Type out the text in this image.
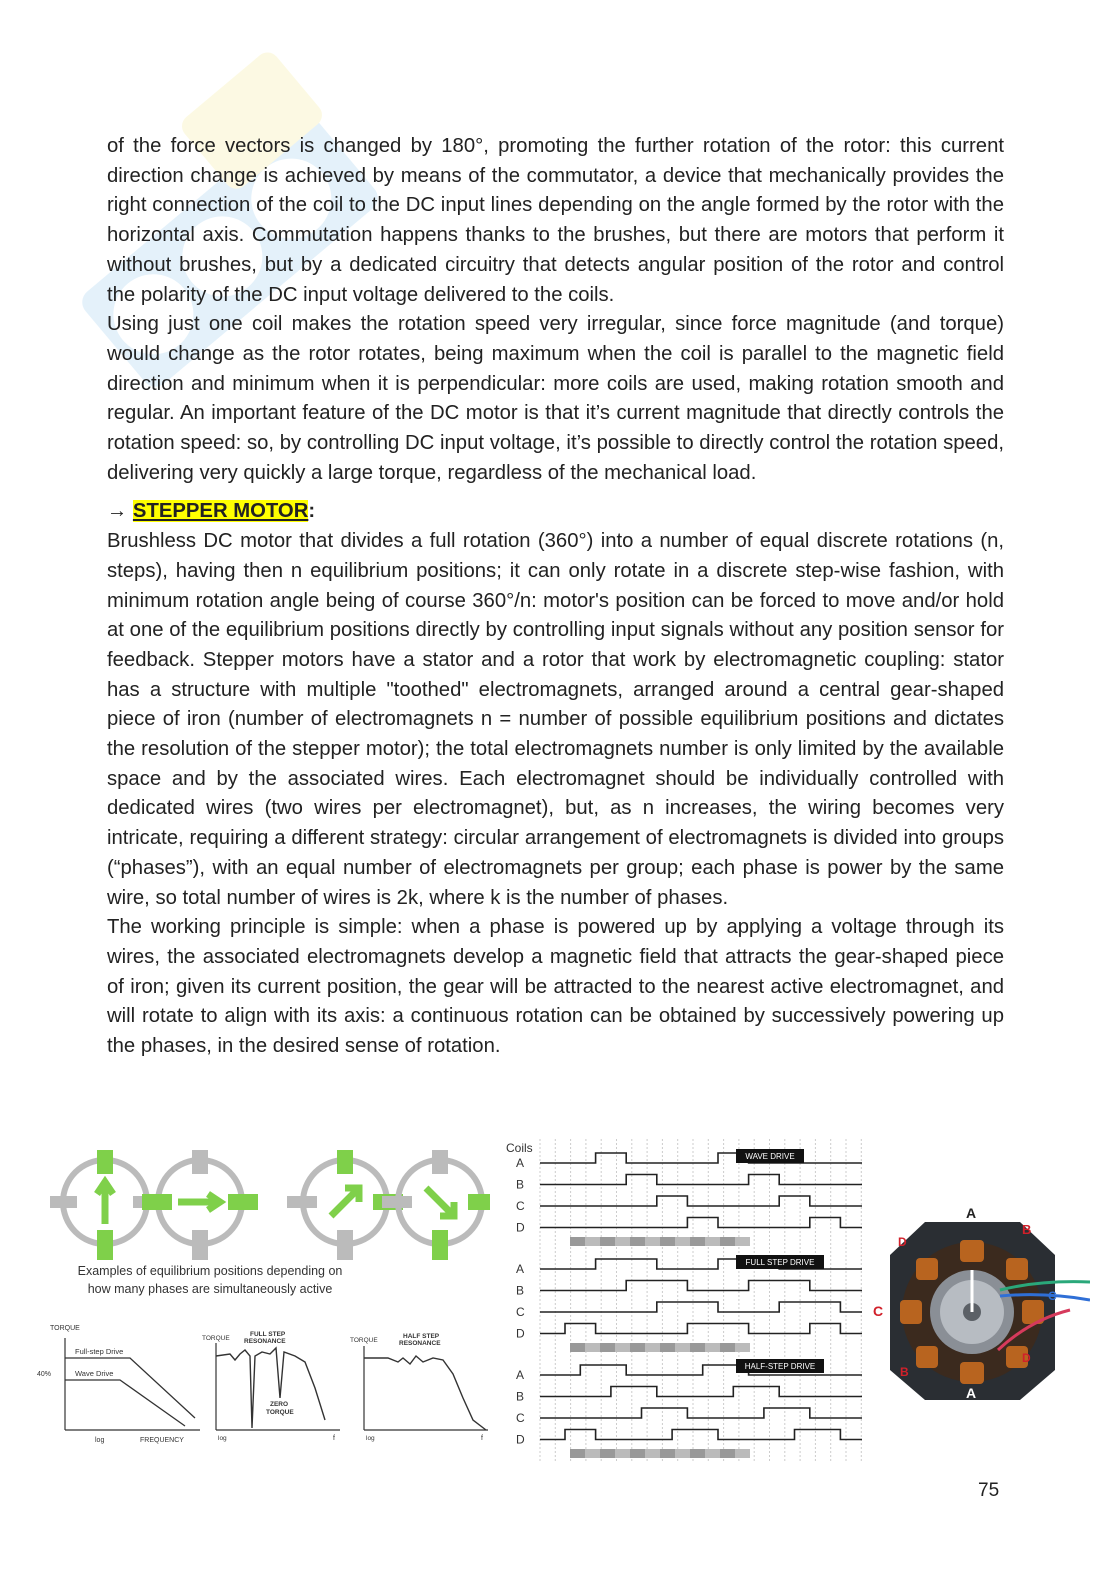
of the force vectors is changed by 180°, promoting the further rotation of the rotor: this current direction change is achieved by means of the commutator, a device that mechanically provides the right connection of the coil to the DC input lines depending on the angle formed by the rotor with the horizontal axis. Commutation happens thanks to the brushes, but there are motors that perform it without brushes, but by a dedicated circuitry that detects angular position of the rotor and control the polarity of the DC input voltage delivered to the coils.

Using just one coil makes the rotation speed very irregular, since force magnitude (and torque) would change as the rotor rotates, being maximum when the coil is parallel to the magnetic field direction and minimum when it is perpendicular: more coils are used, making rotation smooth and regular. An important feature of the DC motor is that it’s current magnitude that directly controls the rotation speed: so, by controlling DC input voltage, it’s possible to directly control the rotation speed, delivering very quickly a large torque, regardless of the mechanical load.

→ STEPPER MOTOR:

Brushless DC motor that divides a full rotation (360°) into a number of equal discrete rotations (n, steps), having then n equilibrium positions; it can only rotate in a discrete step-wise fashion, with minimum rotation angle being of course 360°/n: motor's position can be forced to move and/or hold at one of the equilibrium positions directly by controlling input signals without any position sensor for feedback. Stepper motors have a stator and a rotor that work by electromagnetic coupling: stator has a structure with multiple "toothed" electromagnets, arranged around a central gear-shaped piece of iron (number of electromagnets n = number of possible equilibrium positions and dictates the resolution of the stepper motor); the total electromagnets number is only limited by the available space and by the associated wires. Each electromagnet should be individually controlled with dedicated wires (two wires per electromagnet), but, as n increases, the wiring becomes very intricate, requiring a different strategy: circular arrangement of electromagnets is divided into groups (“phases”), with an equal number of electromagnets per group; each phase is power by the same wire, so total number of wires is 2k, where k is the number of phases.

The working principle is simple: when a phase is powered up by applying a voltage through its wires, the associated electromagnets develop a magnetic field that attracts the gear-shaped piece of iron; given its current position, the gear will be attracted to the nearest active electromagnet, and will rotate to align with its axis: a continuous rotation can be obtained by successively powering up the phases, in the desired sense of rotation.

Examples of equilibrium positions depending on
how many phases are simultaneously active
TORQUE
Full-step Drive
Wave Drive
40%
log	FREQUENCY
TORQUE
FULL STEP
RESONANCE
ZERO
TORQUE
log	f
TORQUE
HALF STEP
RESONANCE
log	f
Coils
WAVE DRIVE
FULL STEP DRIVE
HALF-STEP DRIVE
A
B
C
D
A
B
C
D
A
B
C
D
A
A
C
B
D
B
C
D
75
